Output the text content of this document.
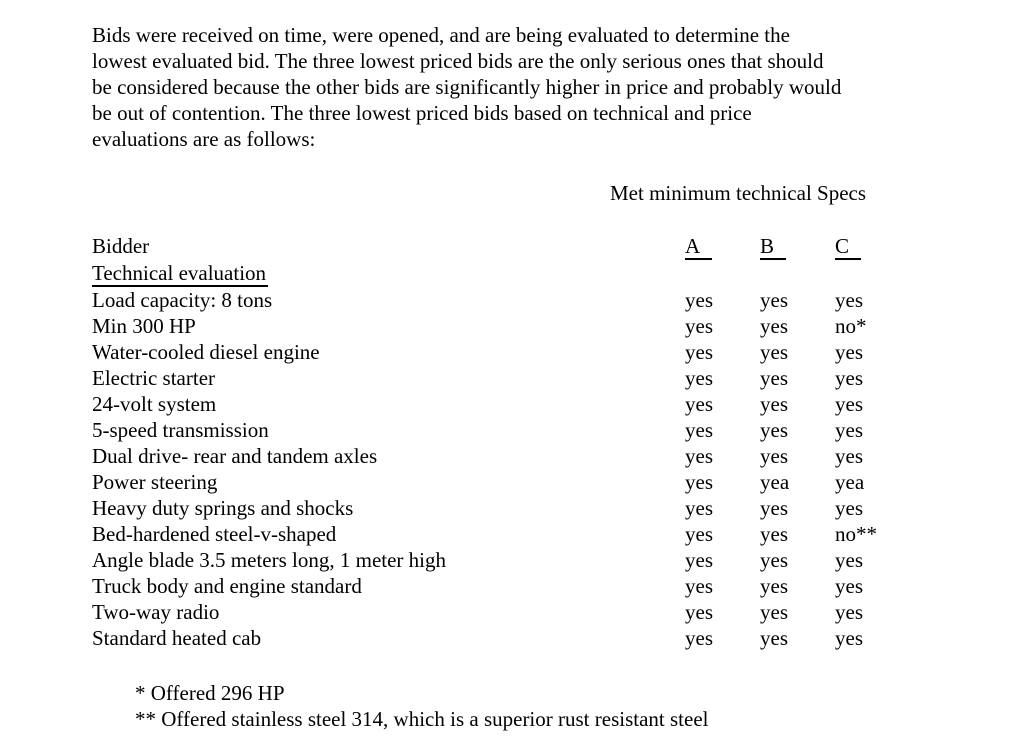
Bids were received on time, were opened, and are being evaluated to determine the
lowest evaluated bid. The three lowest priced bids are the only serious ones that should
be considered because the other bids are significantly higher in price and probably would
be out of contention. The three lowest priced bids based on technical and price
evaluations are as follows:
Met minimum technical Specs
Bidder	A	B	C
Technical evaluation			
Load capacity: 8 tons	yes	yes	yes
Min 300 HP	yes	yes	no*
Water-cooled diesel engine	yes	yes	yes
Electric starter	yes	yes	yes
24-volt system	yes	yes	yes
5-speed transmission	yes	yes	yes
Dual drive- rear and tandem axles	yes	yes	yes
Power steering	yes	yea	yea
Heavy duty springs and shocks	yes	yes	yes
Bed-hardened steel-v-shaped	yes	yes	no**
Angle blade 3.5 meters long, 1 meter high	yes	yes	yes
Truck body and engine standard	yes	yes	yes
Two-way radio	yes	yes	yes
Standard heated cab	yes	yes	yes
* Offered 296 HP
** Offered stainless steel 314, which is a superior rust resistant steel
